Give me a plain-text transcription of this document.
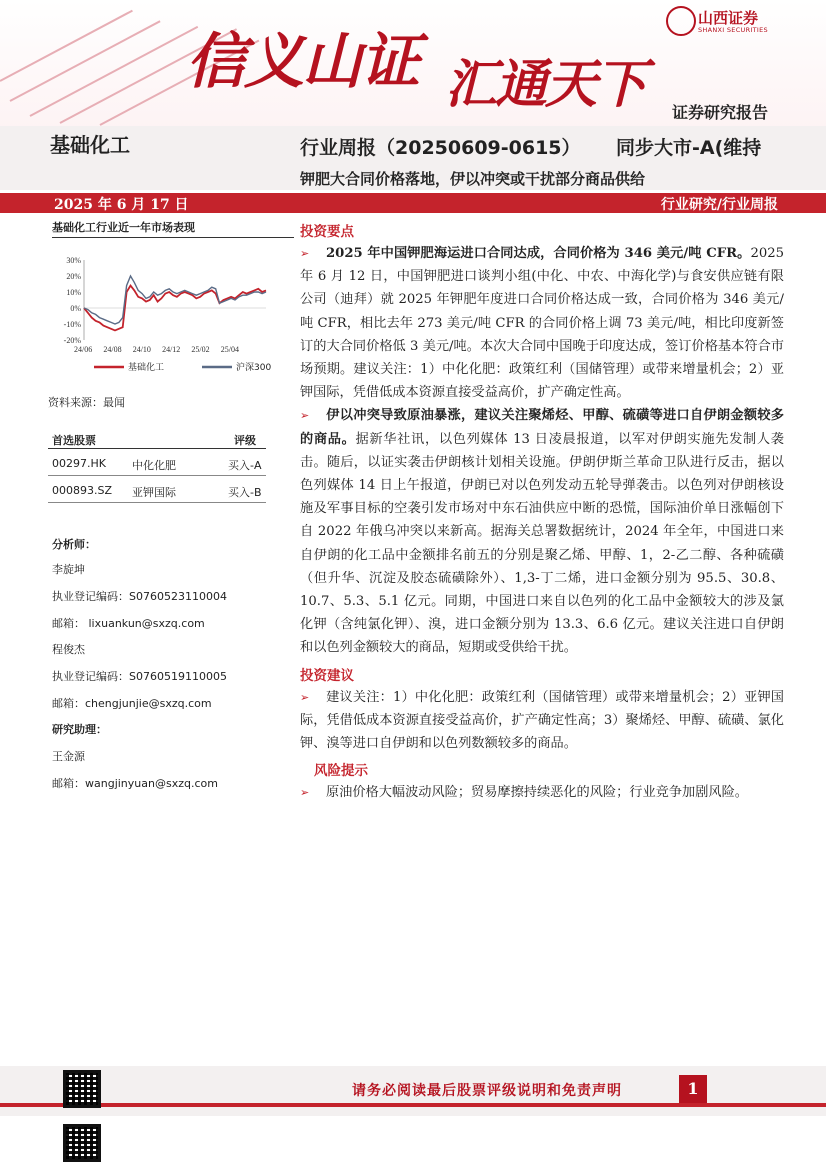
信义山证 汇通天下
山西证券
SHANXI SECURITIES
证券研究报告
基础化工	行业周报（20250609-0615） 同步大市-A(维持
钾肥大合同价格落地，伊以冲突或干扰部分商品供给
2025 年 6 月 17 日	行业研究/行业周报
基础化工行业近一年市场表现
30%
20%
10%
0%
-10%
-20%
24/06 24/08 24/10 24/12 25/02 25/04
基础化工	沪深300
资料来源：最闻
首选股票	评级
00297.HK 中化化肥	买入-A
000893.SZ 亚钾国际	买入-B
分析师：
李旋坤
执业登记编码：S0760523110004
邮箱： lixuankun@sxzq.com
程俊杰
执业登记编码：S0760519110005
邮箱：chengjunjie@sxzq.com
研究助理：
王金源
邮箱：wangjinyuan@sxzq.com
投资要点
➢ 2025 年中国钾肥海运进口合同达成，合同价格为 346 美元/吨 CFR。2025 年 6 月 12 日，中国钾肥进口谈判小组(中化、中农、中海化学)与食安供应链有限公司（迪拜）就 2025 年钾肥年度进口合同价格达成一致，合同价格为 346 美元/吨 CFR，相比去年 273 美元/吨 CFR 的合同价格上调 73 美元/吨，相比印度新签订的大合同价格低 3 美元/吨。本次大合同中国晚于印度达成，签订价格基本符合市场预期。建议关注：1）中化化肥：政策红利（国储管理）或带来增量机会；2）亚钾国际，凭借低成本资源直接受益高价，扩产确定性高。
➢ 伊以冲突导致原油暴涨，建议关注聚烯烃、甲醇、硫磺等进口自伊朗金额较多的商品。据新华社讯，以色列媒体 13 日凌晨报道，以军对伊朗实施先发制人袭击。随后，以证实袭击伊朗核计划相关设施。伊朗伊斯兰革命卫队进行反击，据以色列媒体 14 日上午报道，伊朗已对以色列发动五轮导弹袭击。以色列对伊朗核设施及军事目标的空袭引发市场对中东石油供应中断的恐慌，国际油价单日涨幅创下自 2022 年俄乌冲突以来新高。据海关总署数据统计，2024 年全年，中国进口来自伊朗的化工品中金额排名前五的分别是聚乙烯、甲醇、1，2-乙二醇、各种硫磺（但升华、沉淀及胶态硫磺除外）、1,3-丁二烯，进口金额分别为 95.5、30.8、10.7、5.3、5.1 亿元。同期，中国进口来自以色列的化工品中金额较大的涉及氯化钾（含纯氯化钾）、溴，进口金额分别为 13.3、6.6 亿元。建议关注进口自伊朗和以色列金额较大的商品，短期或受供给干扰。
投资建议
➢ 建议关注：1）中化化肥：政策红利（国储管理）或带来增量机会；2）亚钾国际，凭借低成本资源直接受益高价，扩产确定性高；3）聚烯烃、甲醇、硫磺、氯化钾、溴等进口自伊朗和以色列数额较多的商品。
风险提示
➢ 原油价格大幅波动风险；贸易摩擦持续恶化的风险；行业竞争加剧风险。
请务必阅读最后股票评级说明和免责声明	1
